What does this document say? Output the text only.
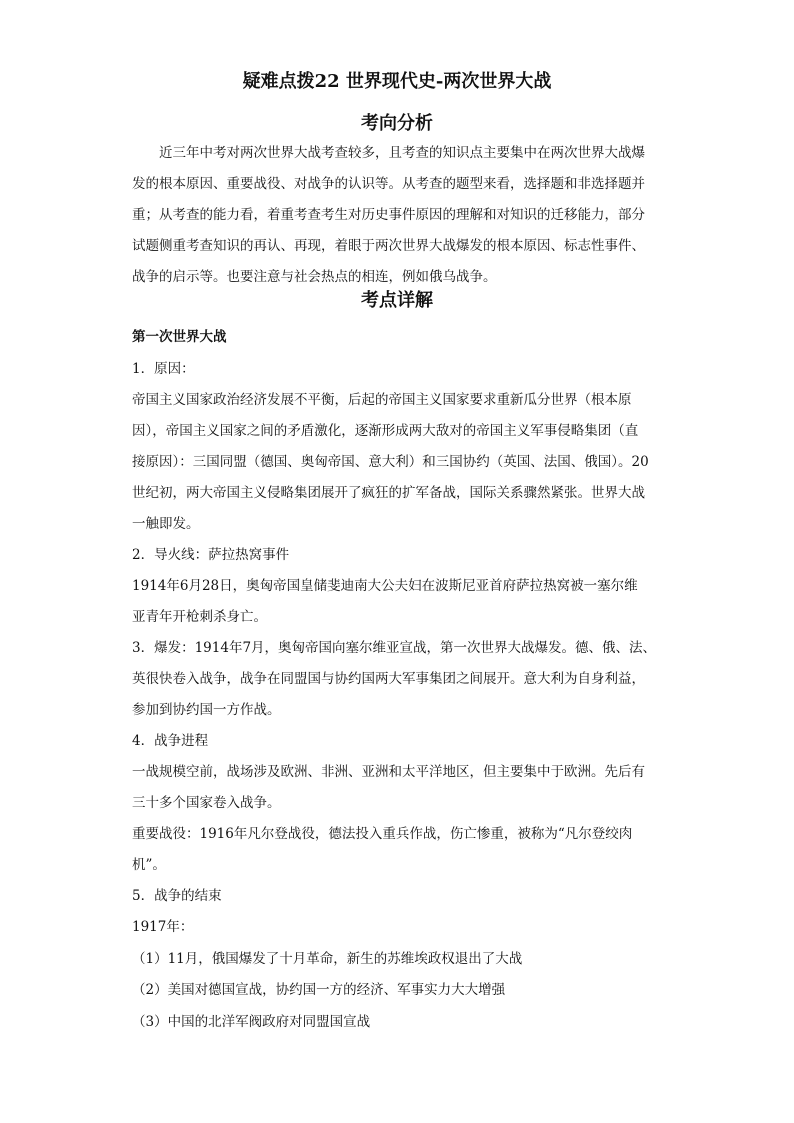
疑难点拨22 世界现代史-两次世界大战
考向分析
近三年中考对两次世界大战考查较多，且考查的知识点主要集中在两次世界大战爆
发的根本原因、重要战役、对战争的认识等。从考查的题型来看，选择题和非选择题并
重；从考查的能力看，着重考查考生对历史事件原因的理解和对知识的迁移能力，部分
试题侧重考查知识的再认、再现，着眼于两次世界大战爆发的根本原因、标志性事件、
战争的启示等。也要注意与社会热点的相连，例如俄乌战争。
考点详解
第一次世界大战
1．原因：
帝国主义国家政治经济发展不平衡，后起的帝国主义国家要求重新瓜分世界（根本原
因），帝国主义国家之间的矛盾激化，逐渐形成两大敌对的帝国主义军事侵略集团（直
接原因）：三国同盟（德国、奥匈帝国、意大利）和三国协约（英国、法国、俄国）。20
世纪初，两大帝国主义侵略集团展开了疯狂的扩军备战，国际关系骤然紧张。世界大战
一触即发。
2．导火线：萨拉热窝事件
1914年6月28日，奥匈帝国皇储斐迪南大公夫妇在波斯尼亚首府萨拉热窝被一塞尔维
亚青年开枪刺杀身亡。
3．爆发：1914年7月，奥匈帝国向塞尔维亚宣战，第一次世界大战爆发。德、俄、法、
英很快卷入战争，战争在同盟国与协约国两大军事集团之间展开。意大利为自身利益，
参加到协约国一方作战。
4．战争进程
一战规模空前，战场涉及欧洲、非洲、亚洲和太平洋地区，但主要集中于欧洲。先后有
三十多个国家卷入战争。
重要战役：1916年凡尔登战役，德法投入重兵作战，伤亡惨重，被称为“凡尔登绞肉
机”。
5．战争的结束
1917年：
（1）11月，俄国爆发了十月革命，新生的苏维埃政权退出了大战
（2）美国对德国宣战，协约国一方的经济、军事实力大大增强
（3）中国的北洋军阀政府对同盟国宣战
